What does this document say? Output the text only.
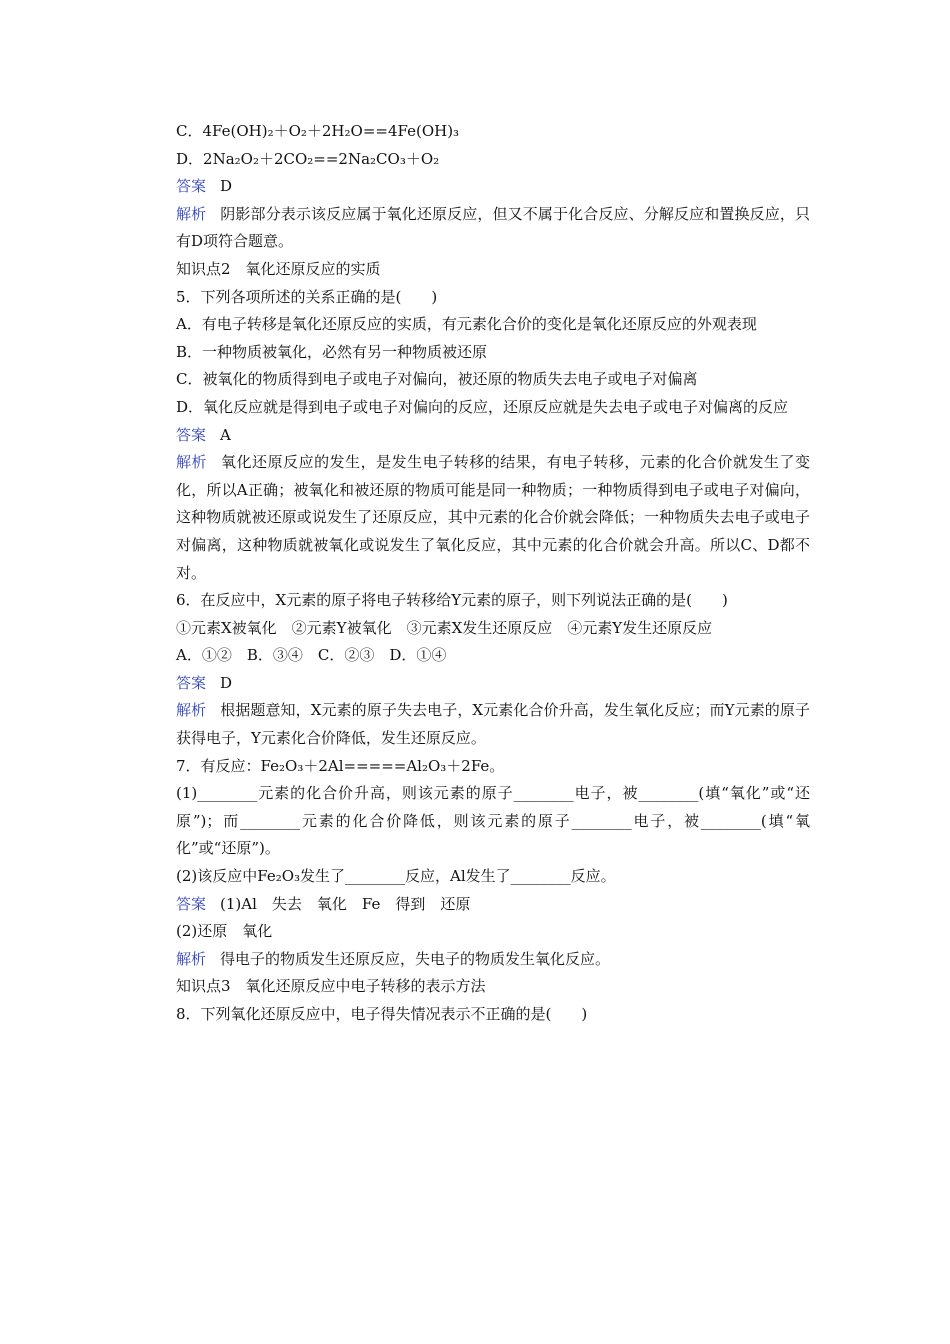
C．4Fe(OH)₂＋O₂＋2H₂O==4Fe(OH)₃
D．2Na₂O₂＋2CO₂==2Na₂CO₃＋O₂
答案 D
解析 阴影部分表示该反应属于氧化还原反应，但又不属于化合反应、分解反应和置换反应，只有D项符合题意。
知识点2　氧化还原反应的实质
5．下列各项所述的关系正确的是(　　)
A．有电子转移是氧化还原反应的实质，有元素化合价的变化是氧化还原反应的外观表现
B．一种物质被氧化，必然有另一种物质被还原
C．被氧化的物质得到电子或电子对偏向，被还原的物质失去电子或电子对偏离
D．氧化反应就是得到电子或电子对偏向的反应，还原反应就是失去电子或电子对偏离的反应
答案 A
解析 氧化还原反应的发生，是发生电子转移的结果，有电子转移，元素的化合价就发生了变化，所以A正确；被氧化和被还原的物质可能是同一种物质；一种物质得到电子或电子对偏向，这种物质就被还原或说发生了还原反应，其中元素的化合价就会降低；一种物质失去电子或电子对偏离，这种物质就被氧化或说发生了氧化反应，其中元素的化合价就会升高。所以C、D都不对。
6．在反应中，X元素的原子将电子转移给Y元素的原子，则下列说法正确的是(　　)
①元素X被氧化　②元素Y被氧化　③元素X发生还原反应　④元素Y发生还原反应
A．①②　B．③④　C．②③　D．①④
答案 D
解析 根据题意知，X元素的原子失去电子，X元素化合价升高，发生氧化反应；而Y元素的原子获得电子，Y元素化合价降低，发生还原反应。
7．有反应：Fe₂O₃＋2Al=====Al₂O₃＋2Fe。
(1)________元素的化合价升高，则该元素的原子________电子，被________(填“氧化”或“还原”)；而________元素的化合价降低，则该元素的原子________电子，被________(填“氧化”或“还原”)。
(2)该反应中Fe₂O₃发生了________反应，Al发生了________反应。
答案 (1)Al　失去　氧化　Fe　得到　还原
(2)还原　氧化
解析 得电子的物质发生还原反应，失电子的物质发生氧化反应。
知识点3　氧化还原反应中电子转移的表示方法
8．下列氧化还原反应中，电子得失情况表示不正确的是(　　)
